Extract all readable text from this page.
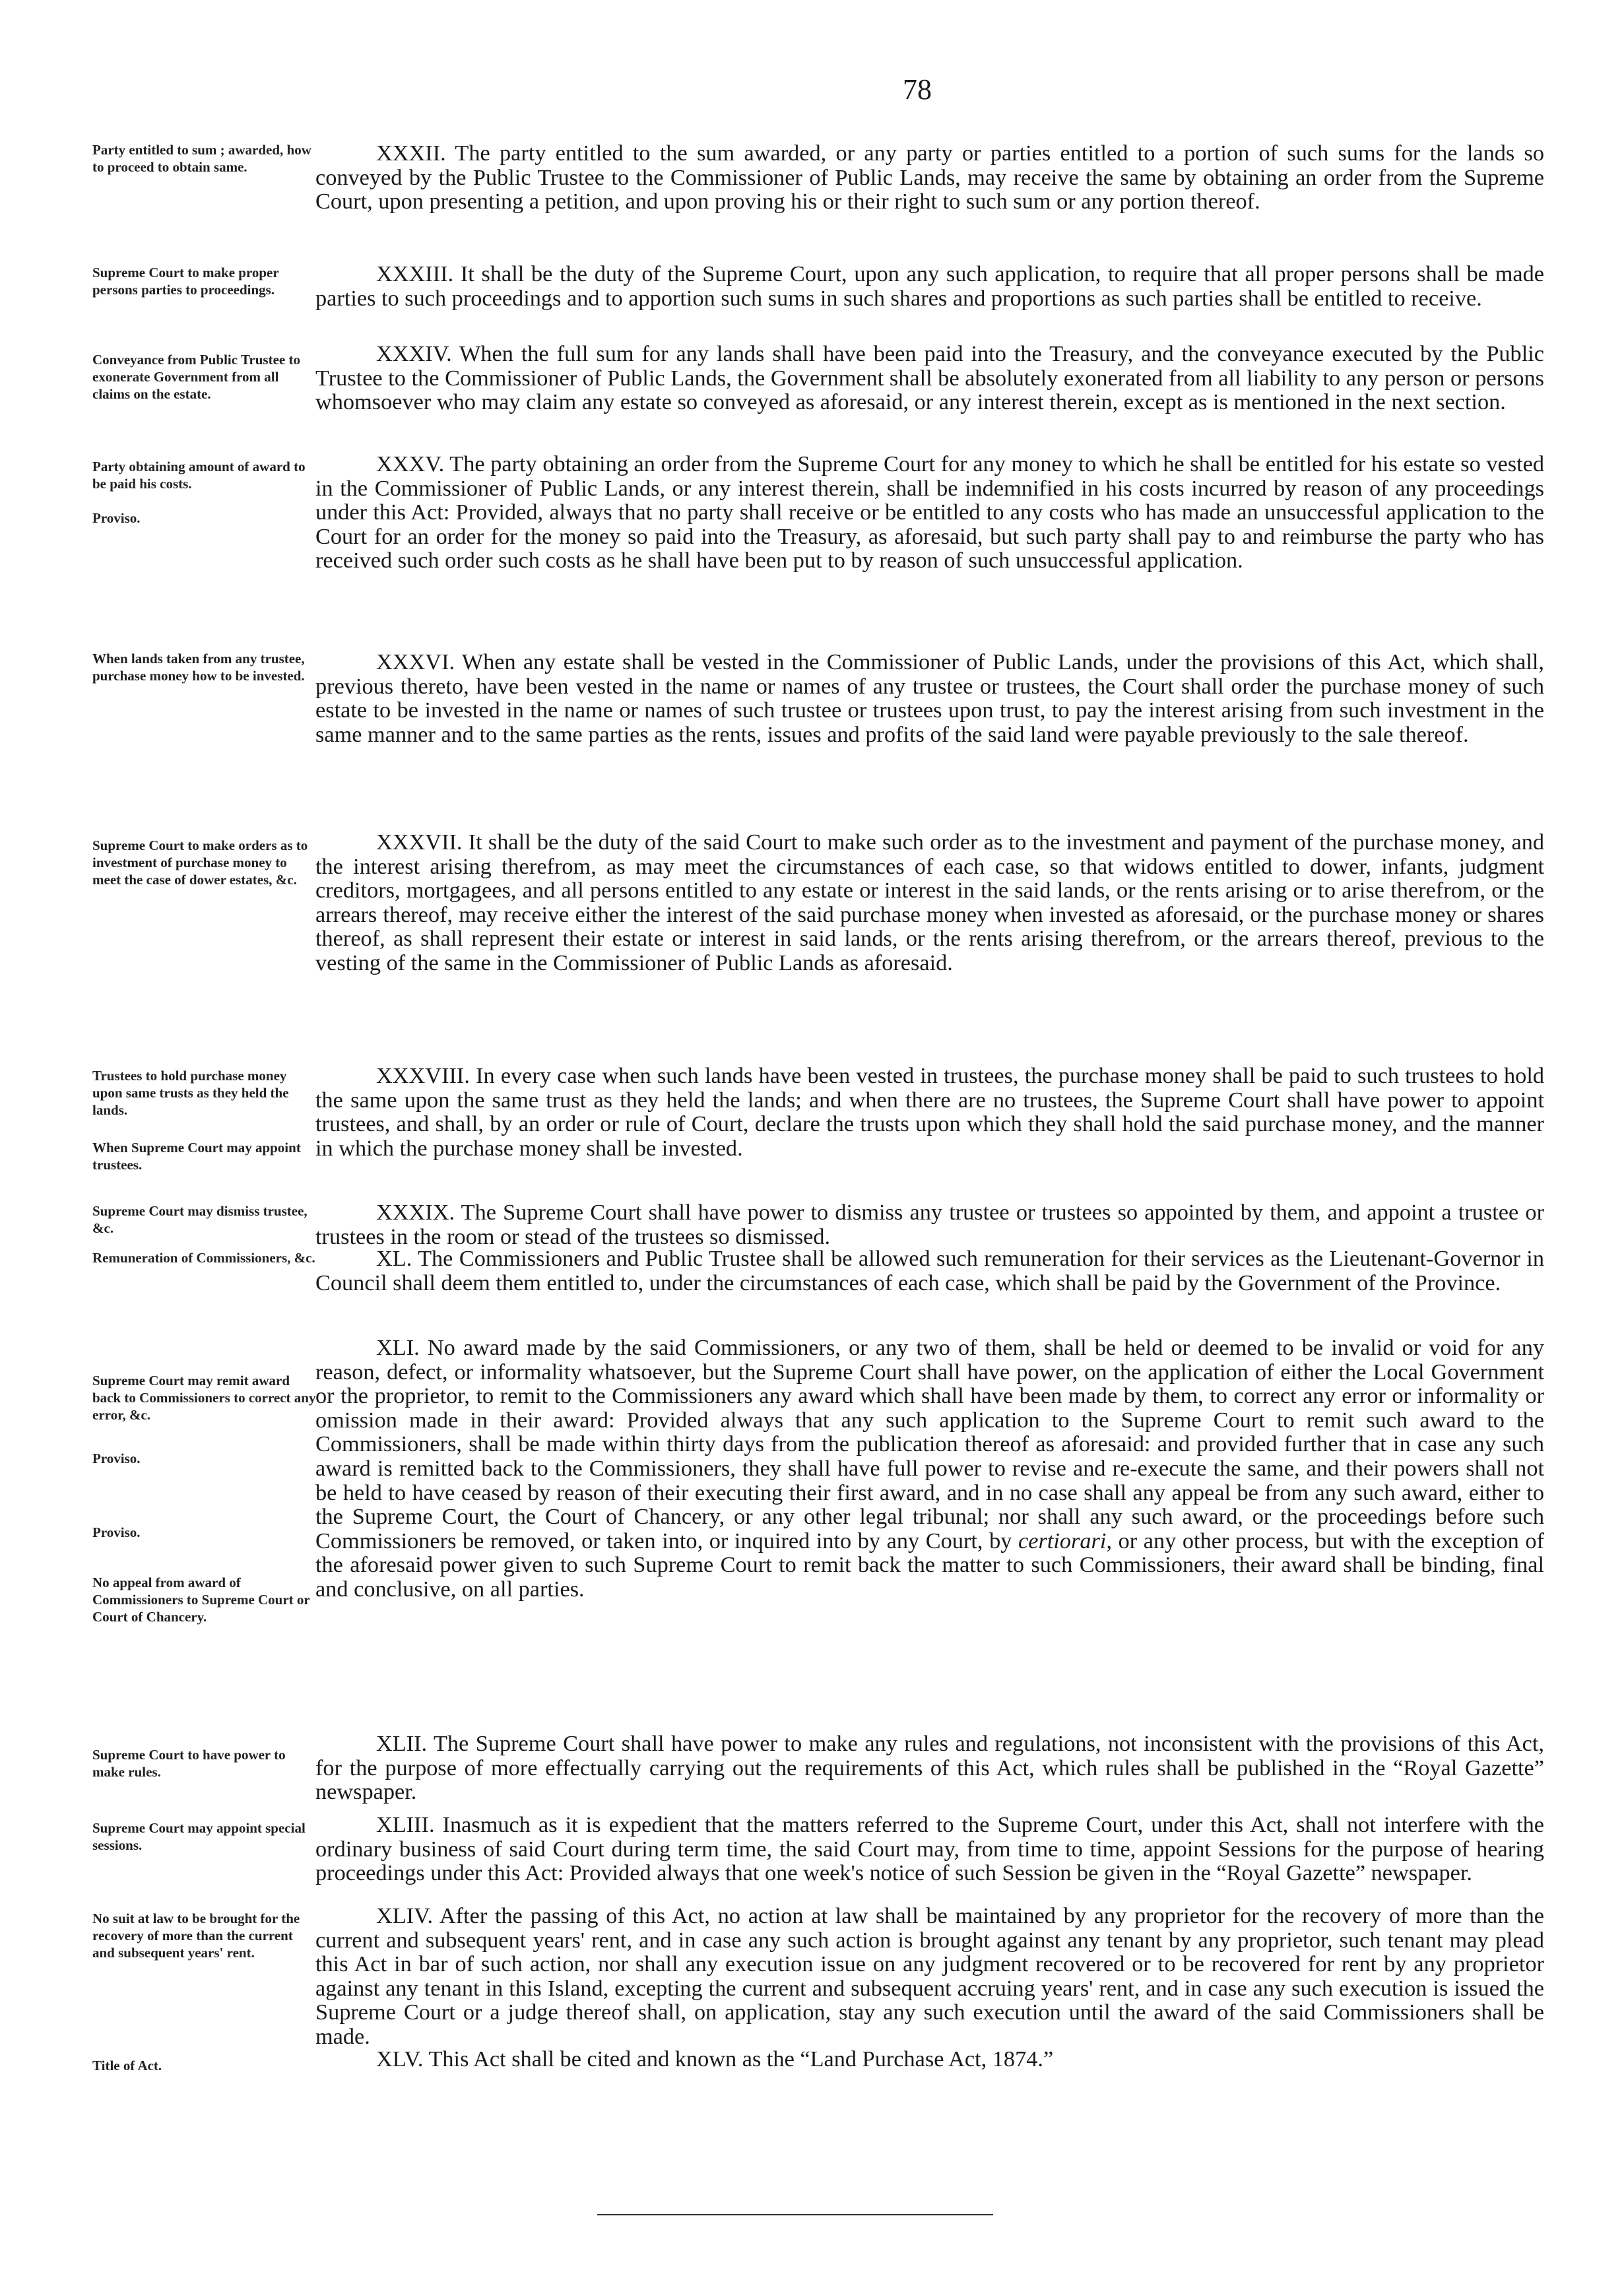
78
Party entitled to sum ; awarded, how to proceed to obtain same.
Supreme Court to make proper persons parties to proceedings.
Conveyance from Public Trustee to exonerate Government from all claims on the estate.
Party obtaining amount of award to be paid his costs.
Proviso.
When lands taken from any trustee, purchase money how to be invested.
Supreme Court to make orders as to investment of purchase money to meet the case of dower estates, &c.
Trustees to hold purchase money upon same trusts as they held the lands.
When Supreme Court may appoint trustees.
Supreme Court may dismiss trustee, &c.
Remuneration of Commissioners, &c.
Supreme Court may remit award back to Commissioners to correct any error, &c.
Proviso.
Proviso.
No appeal from award of Commissioners to Supreme Court or Court of Chancery.
Supreme Court to have power to make rules.
Supreme Court may appoint special sessions.
No suit at law to be brought for the recovery of more than the current and subsequent years' rent.
Title of Act.

XXXII. The party entitled to the sum awarded, or any party or parties entitled to a portion of such sums for the lands so conveyed by the Public Trustee to the Commissioner of Public Lands, may receive the same by obtaining an order from the Supreme Court, upon presenting a petition, and upon proving his or their right to such sum or any portion thereof.

XXXIII. It shall be the duty of the Supreme Court, upon any such application, to require that all proper persons shall be made parties to such proceedings and to apportion such sums in such shares and proportions as such parties shall be entitled to receive.

XXXIV. When the full sum for any lands shall have been paid into the Treasury, and the conveyance executed by the Public Trustee to the Commissioner of Public Lands, the Government shall be absolutely exonerated from all liability to any person or persons whomsoever who may claim any estate so conveyed as aforesaid, or any interest therein, except as is mentioned in the next section.

XXXV. The party obtaining an order from the Supreme Court for any money to which he shall be entitled for his estate so vested in the Commissioner of Public Lands, or any interest therein, shall be indemnified in his costs incurred by reason of any proceedings under this Act: Provided, always that no party shall receive or be entitled to any costs who has made an unsuccessful application to the Court for an order for the money so paid into the Treasury, as aforesaid, but such party shall pay to and reimburse the party who has received such order such costs as he shall have been put to by reason of such unsuccessful application.

XXXVI. When any estate shall be vested in the Commissioner of Public Lands, under the provisions of this Act, which shall, previous thereto, have been vested in the name or names of any trustee or trustees, the Court shall order the purchase money of such estate to be invested in the name or names of such trustee or trustees upon trust, to pay the interest arising from such investment in the same manner and to the same parties as the rents, issues and profits of the said land were payable previously to the sale thereof.

XXXVII. It shall be the duty of the said Court to make such order as to the investment and payment of the purchase money, and the interest arising therefrom, as may meet the circumstances of each case, so that widows entitled to dower, infants, judgment creditors, mortgagees, and all persons entitled to any estate or interest in the said lands, or the rents arising or to arise therefrom, or the arrears thereof, may receive either the interest of the said purchase money when invested as aforesaid, or the purchase money or shares thereof, as shall represent their estate or interest in said lands, or the rents arising therefrom, or the arrears thereof, previous to the vesting of the same in the Commissioner of Public Lands as aforesaid.

XXXVIII. In every case when such lands have been vested in trustees, the purchase money shall be paid to such trustees to hold the same upon the same trust as they held the lands; and when there are no trustees, the Supreme Court shall have power to appoint trustees, and shall, by an order or rule of Court, declare the trusts upon which they shall hold the said purchase money, and the manner in which the purchase money shall be invested.

XXXIX. The Supreme Court shall have power to dismiss any trustee or trustees so appointed by them, and appoint a trustee or trustees in the room or stead of the trustees so dismissed.

XL. The Commissioners and Public Trustee shall be allowed such remuneration for their services as the Lieutenant-Governor in Council shall deem them entitled to, under the circumstances of each case, which shall be paid by the Government of the Province.

XLI. No award made by the said Commissioners, or any two of them, shall be held or deemed to be invalid or void for any reason, defect, or informality whatsoever, but the Supreme Court shall have power, on the application of either the Local Government or the proprietor, to remit to the Commissioners any award which shall have been made by them, to correct any error or informality or omission made in their award: Provided always that any such application to the Supreme Court to remit such award to the Commissioners, shall be made within thirty days from the publication thereof as aforesaid: and provided further that in case any such award is remitted back to the Commissioners, they shall have full power to revise and re-execute the same, and their powers shall not be held to have ceased by reason of their executing their first award, and in no case shall any appeal be from any such award, either to the Supreme Court, the Court of Chancery, or any other legal tribunal; nor shall any such award, or the proceedings before such Commissioners be removed, or taken into, or inquired into by any Court, by certiorari, or any other process, but with the exception of the aforesaid power given to such Supreme Court to remit back the matter to such Commissioners, their award shall be binding, final and conclusive, on all parties.

XLII. The Supreme Court shall have power to make any rules and regulations, not inconsistent with the provisions of this Act, for the purpose of more effectually carrying out the requirements of this Act, which rules shall be published in the “Royal Gazette” newspaper.

XLIII. Inasmuch as it is expedient that the matters referred to the Supreme Court, under this Act, shall not interfere with the ordinary business of said Court during term time, the said Court may, from time to time, appoint Sessions for the purpose of hearing proceedings under this Act: Provided always that one week's notice of such Session be given in the “Royal Gazette” newspaper.

XLIV. After the passing of this Act, no action at law shall be maintained by any proprietor for the recovery of more than the current and subsequent years' rent, and in case any such action is brought against any tenant by any proprietor, such tenant may plead this Act in bar of such action, nor shall any execution issue on any judgment recovered or to be recovered for rent by any proprietor against any tenant in this Island, excepting the current and subsequent accruing years' rent, and in case any such execution is issued the Supreme Court or a judge thereof shall, on application, stay any such execution until the award of the said Commissioners shall be made.

XLV. This Act shall be cited and known as the “Land Purchase Act, 1874.”
